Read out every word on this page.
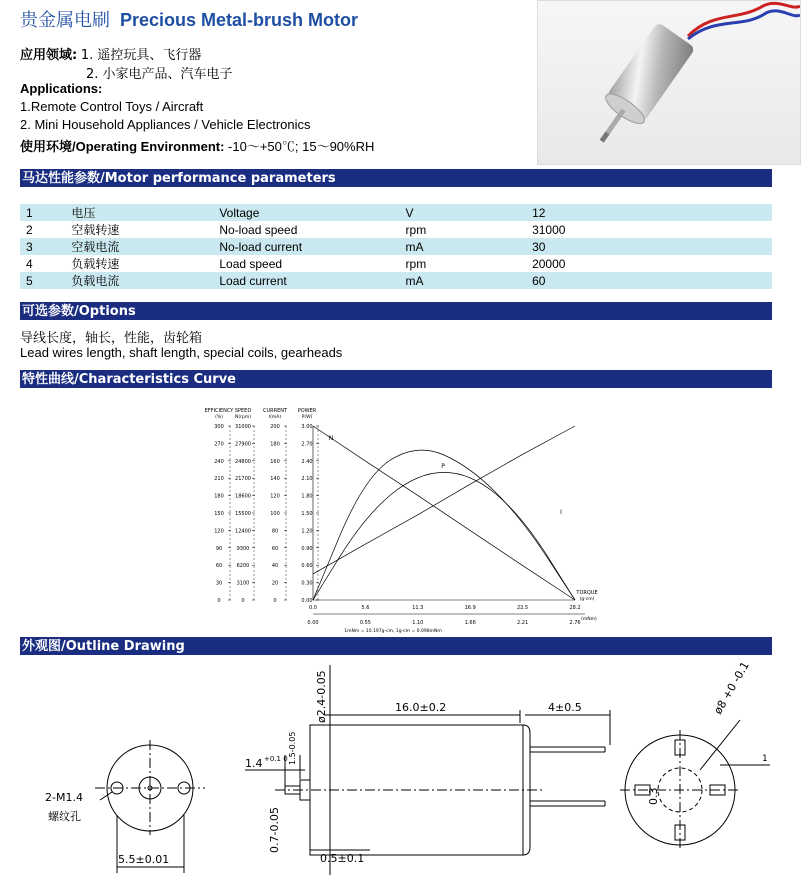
贵金属电刷 Precious Metal-brush Motor
应用领域: 1. 遥控玩具、飞行器
2. 小家电产品、汽车电子
Applications:
1.Remote Control Toys / Aircraft
2. Mini Household Appliances / Vehicle Electronics
使用环境/Operating Environment: -10～+50℃; 15～90%RH
马达性能参数/Motor performance parameters
1	电压	Voltage	V	12
2	空载转速	No-load speed	rpm	31000
3	空载电流	No-load current	mA	30
4	负载转速	Load speed	rpm	20000
5	负载电流	Load current	mA	60
可选参数/Options
导线长度，轴长，性能，齿轮箱
Lead wires length, shaft length, special coils, gearheads
特性曲线/Characteristics Curve
EFFICIENCY
(%)
SPEED
N(rpm)
CURRENT
I(mA)
POWER
P(W)
300 31000	200	3.00
270 27900	180	2.70
240 24800	160	2.40
210 21700	140	2.10
180 18600	120	1.80
150 15500	100	1.50
120 12400	80	1.20
90	9300	60	0.90
60	6200	40	0.60
30	3100	20	0.30
0	0	0	0.00
0.0
0.00
5.6
0.55
11.3
1.10
16.9
1.66
22.5
2.21
28.2
2.76
TORQUE
(g-cm)
(mNm)
1mNm = 10.197g-cm, 1g-cm = 0.098mNm
N
P
I
外观图/Outline Drawing
2-M1.4
螺纹孔
5.5±0.01
ø2.4-0.05	16.0±0.2	4±0.5
1.4 +0.1 0 1.5-0.05
0.7-0.05
0.5±0.1
ø8 +0 -0.1
0.3
1
